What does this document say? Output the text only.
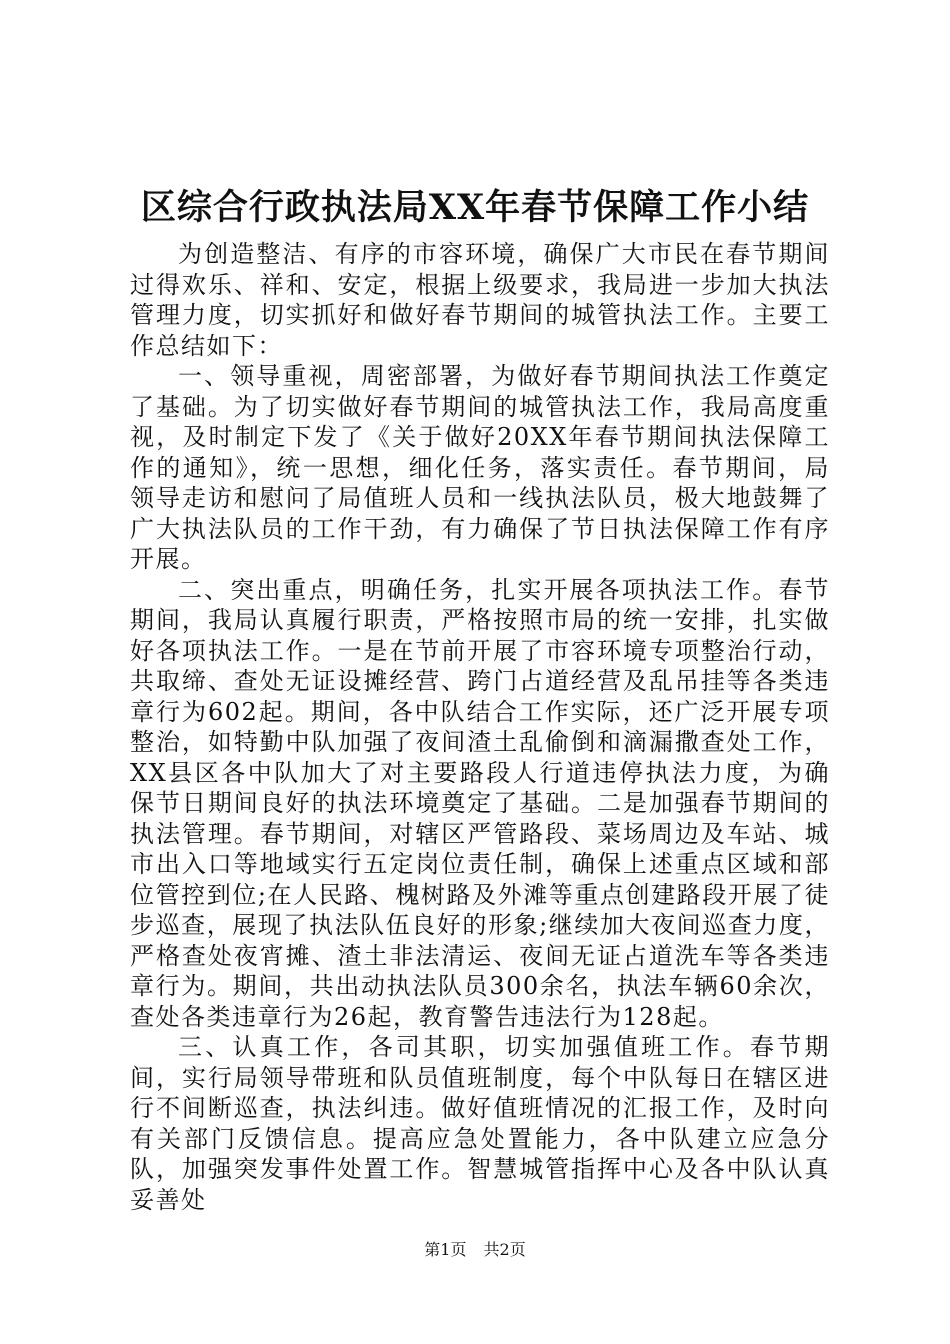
区综合行政执法局XX年春节保障工作小结

为创造整洁、有序的市容环境，确保广大市民在春节期间过得欢乐、祥和、安定，根据上级要求，我局进一步加大执法管理力度，切实抓好和做好春节期间的城管执法工作。主要工作总结如下：

一、领导重视，周密部署，为做好春节期间执法工作奠定了基础。为了切实做好春节期间的城管执法工作，我局高度重视，及时制定下发了《关于做好20XX年春节期间执法保障工作的通知》，统一思想，细化任务，落实责任。春节期间，局领导走访和慰问了局值班人员和一线执法队员，极大地鼓舞了广大执法队员的工作干劲，有力确保了节日执法保障工作有序开展。

二、突出重点，明确任务，扎实开展各项执法工作。春节期间，我局认真履行职责，严格按照市局的统一安排，扎实做好各项执法工作。一是在节前开展了市容环境专项整治行动，共取缔、查处无证设摊经营、跨门占道经营及乱吊挂等各类违章行为602起。期间，各中队结合工作实际，还广泛开展专项整治，如特勤中队加强了夜间渣土乱偷倒和滴漏撒查处工作，XX县区各中队加大了对主要路段人行道违停执法力度，为确保节日期间良好的执法环境奠定了基础。二是加强春节期间的执法管理。春节期间，对辖区严管路段、菜场周边及车站、城市出入口等地域实行五定岗位责任制，确保上述重点区域和部位管控到位;在人民路、槐树路及外滩等重点创建路段开展了徒步巡查，展现了执法队伍良好的形象;继续加大夜间巡查力度，严格查处夜宵摊、渣土非法清运、夜间无证占道洗车等各类违章行为。期间，共出动执法队员300余名，执法车辆60余次，查处各类违章行为26起，教育警告违法行为128起。

三、认真工作，各司其职，切实加强值班工作。春节期间，实行局领导带班和队员值班制度，每个中队每日在辖区进行不间断巡查，执法纠违。做好值班情况的汇报工作，及时向有关部门反馈信息。提高应急处置能力，各中队建立应急分队，加强突发事件处置工作。智慧城管指挥中心及各中队认真妥善处

第1页 共2页
